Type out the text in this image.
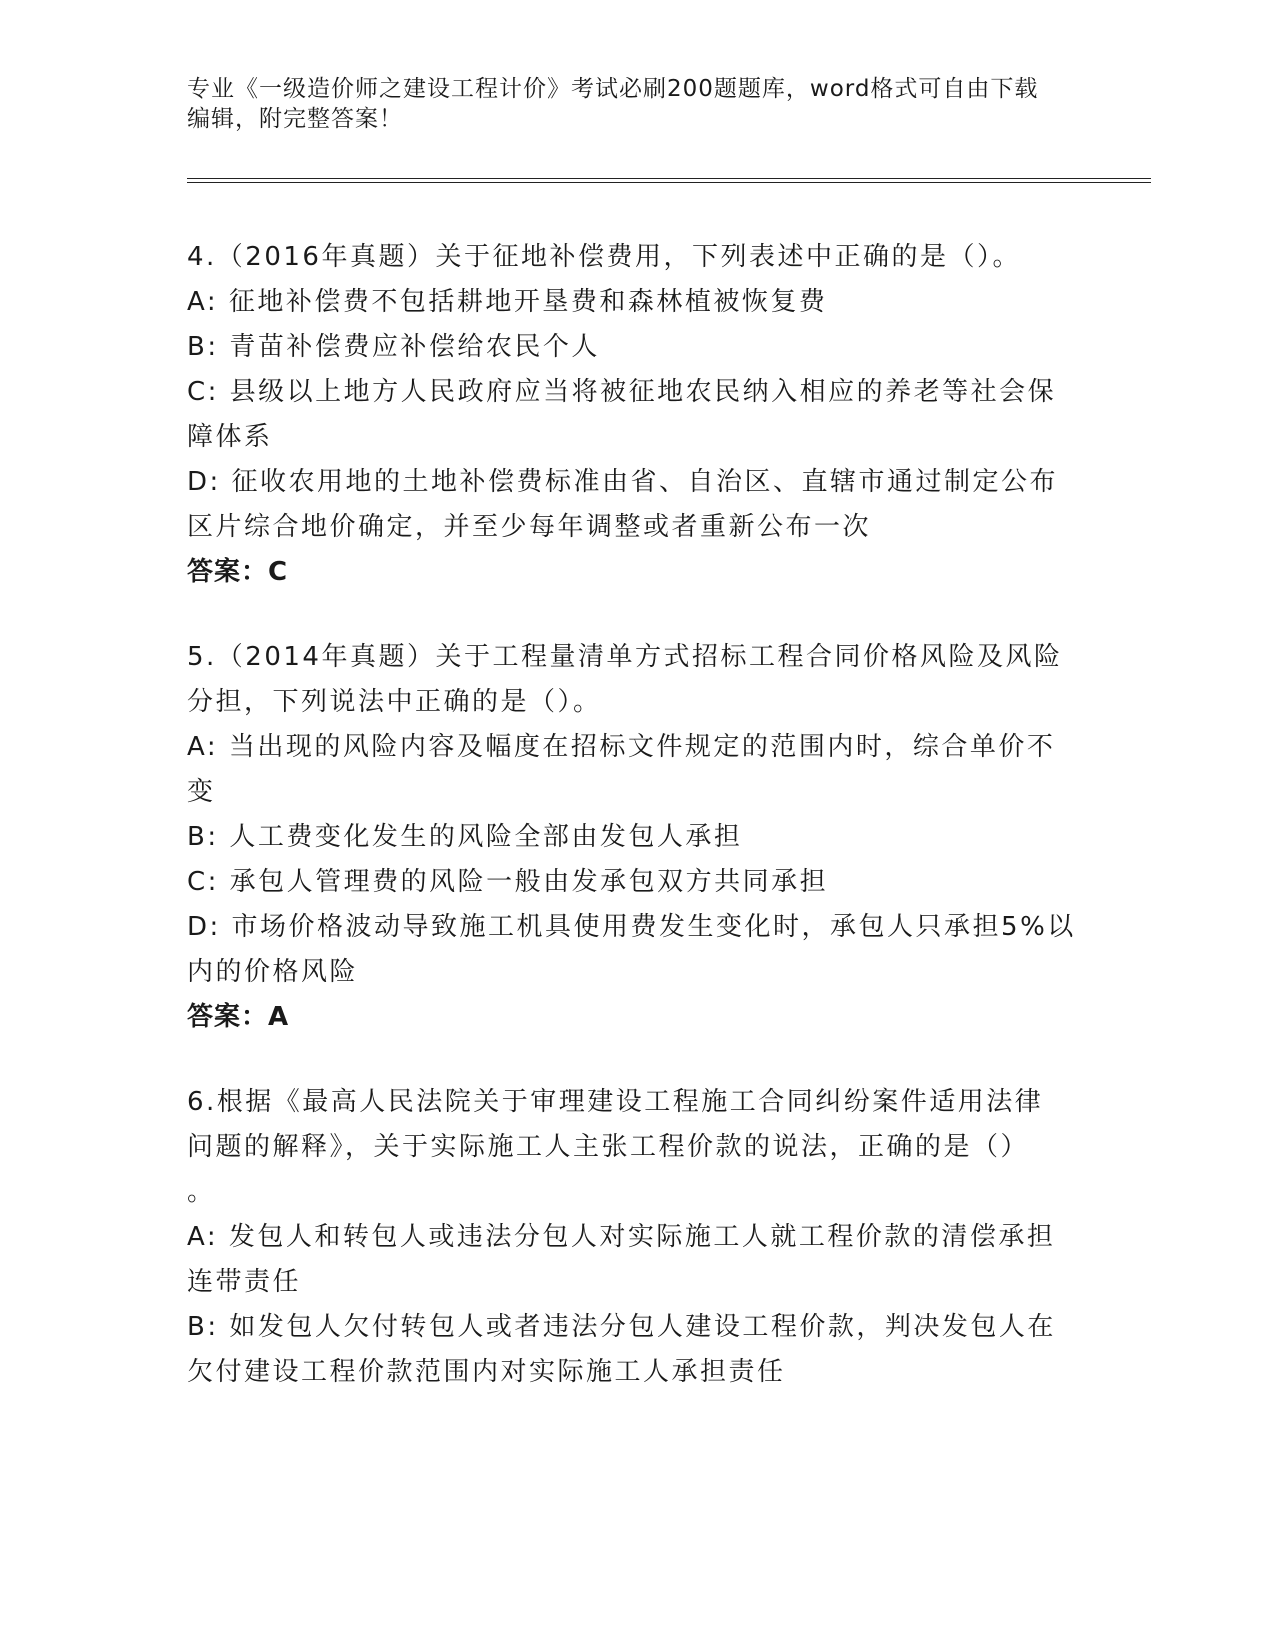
专业《一级造价师之建设工程计价》考试必刷200题题库，word格式可自由下载
编辑，附完整答案！
4.（2016年真题）关于征地补偿费用，下列表述中正确的是（）。
A: 征地补偿费不包括耕地开垦费和森林植被恢复费
B: 青苗补偿费应补偿给农民个人
C: 县级以上地方人民政府应当将被征地农民纳入相应的养老等社会保
障体系
D: 征收农用地的土地补偿费标准由省、自治区、直辖市通过制定公布
区片综合地价确定，并至少每年调整或者重新公布一次
答案：C
5.（2014年真题）关于工程量清单方式招标工程合同价格风险及风险
分担，下列说法中正确的是（）。
A: 当出现的风险内容及幅度在招标文件规定的范围内时，综合单价不
变
B: 人工费变化发生的风险全部由发包人承担
C: 承包人管理费的风险一般由发承包双方共同承担
D: 市场价格波动导致施工机具使用费发生变化时，承包人只承担5%以
内的价格风险
答案：A
6.根据《最高人民法院关于审理建设工程施工合同纠纷案件适用法律
问题的解释》，关于实际施工人主张工程价款的说法，正确的是（）
。
A: 发包人和转包人或违法分包人对实际施工人就工程价款的清偿承担
连带责任
B: 如发包人欠付转包人或者违法分包人建设工程价款，判决发包人在
欠付建设工程价款范围内对实际施工人承担责任
